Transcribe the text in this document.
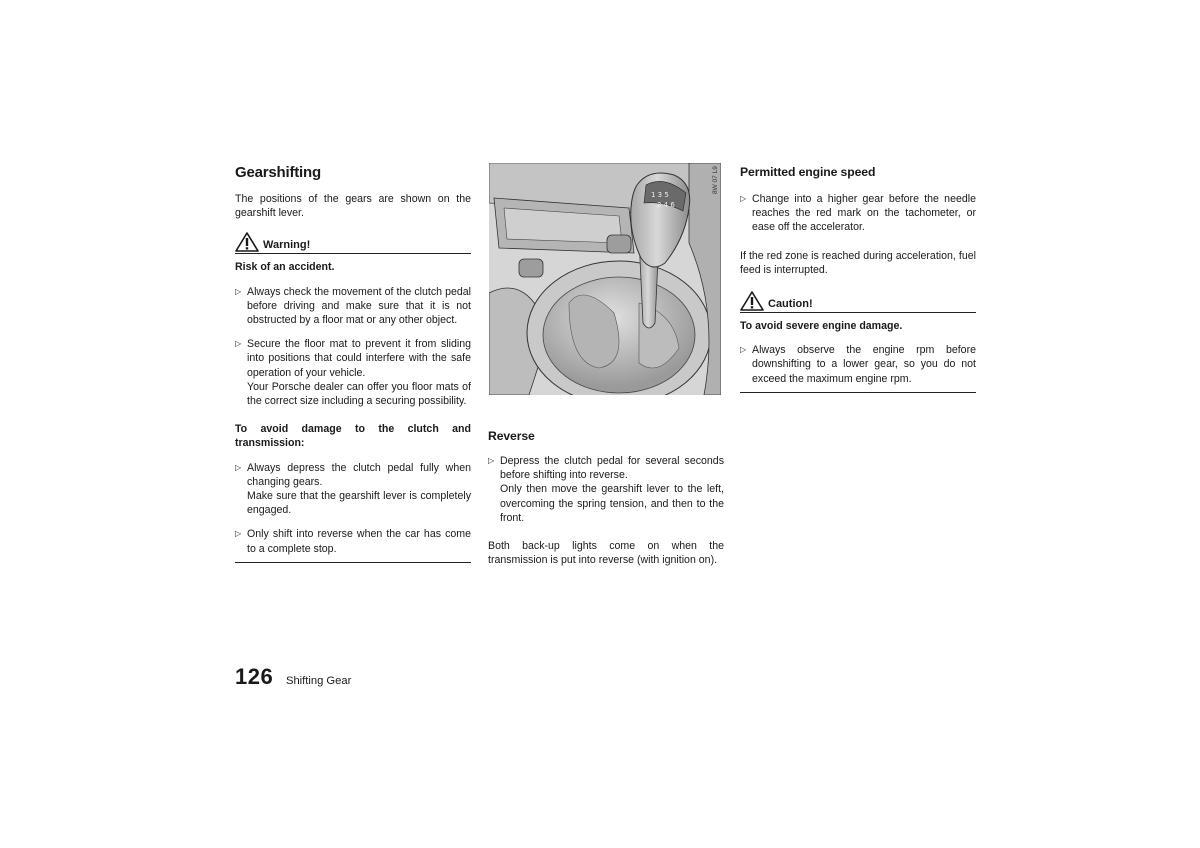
Gearshifting

The positions of the gears are shown on the gearshift lever.

Warning!

Risk of an accident.

▷ Always check the movement of the clutch pedal before driving and make sure that it is not obstructed by a floor mat or any other object.
▷ Secure the floor mat to prevent it from sliding into positions that could interfere with the safe operation of your vehicle.
Your Porsche dealer can offer you floor mats of the correct size including a securing possibility.

To avoid damage to the clutch and transmission:

▷ Always depress the clutch pedal fully when changing gears.
Make sure that the gearshift lever is completely engaged.
▷ Only shift into reverse when the car has come to a complete stop.
1 3 5
2 4 6
8W 07 L9
Reverse
▷ Depress the clutch pedal for several seconds before shifting into reverse.
Only then move the gearshift lever to the left, overcoming the spring tension, and then to the front.

Both back-up lights come on when the transmission is put into reverse (with ignition on).

Permitted engine speed
▷ Change into a higher gear before the needle reaches the red mark on the tachometer, or ease off the accelerator.

If the red zone is reached during acceleration, fuel feed is interrupted.

Caution!

To avoid severe engine damage.

▷ Always observe the engine rpm before downshifting to a lower gear, so you do not exceed the maximum engine rpm.
126 Shifting Gear
